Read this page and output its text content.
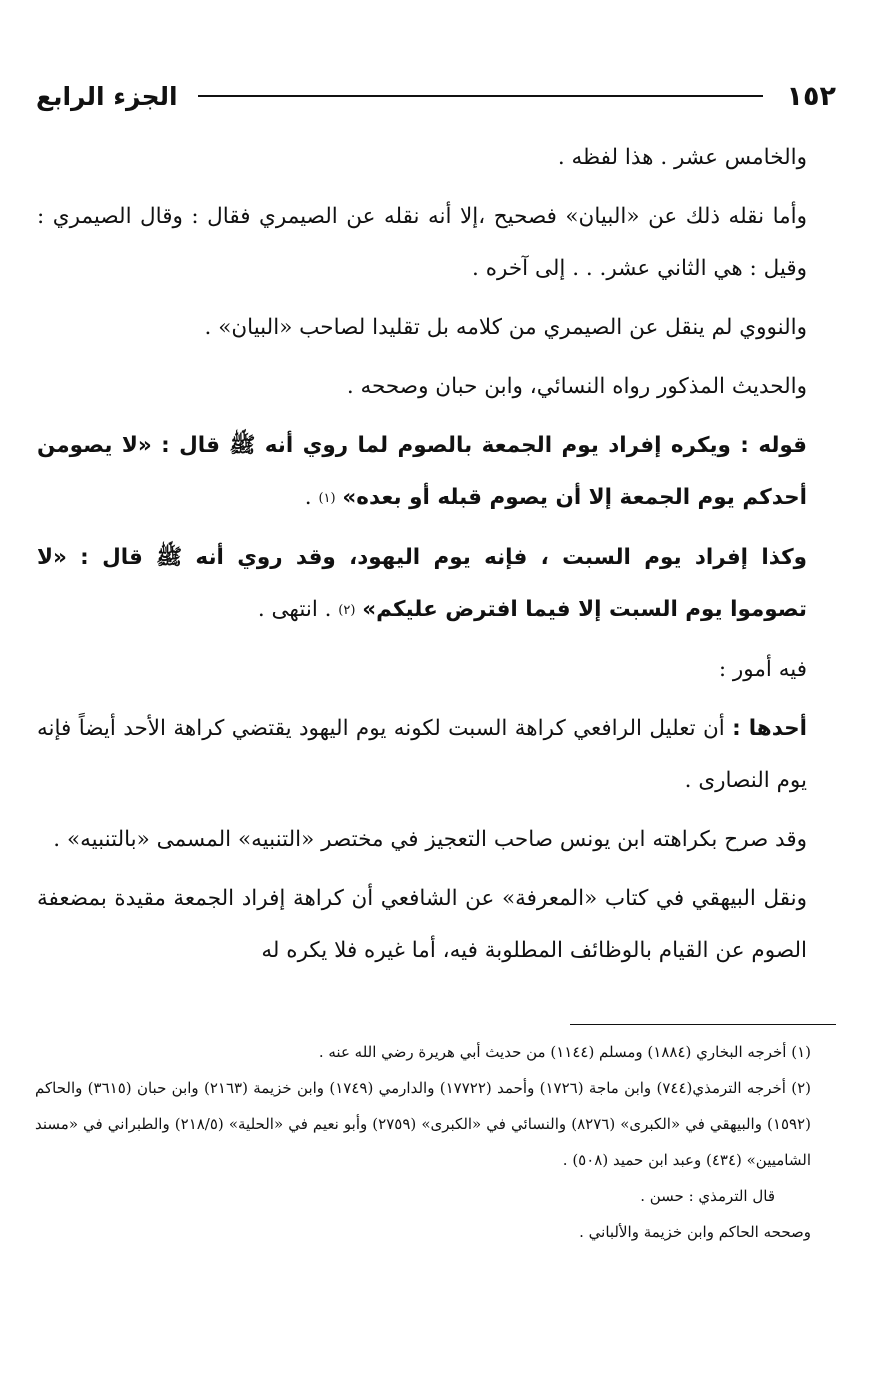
١٥٢
الجزء الرابع

والخامس عشر . هذا لفظه .

وأما نقله ذلك عن «البيان» فصحيح ،إلا أنه نقله عن الصيمري فقال : وقال الصيمري : وقيل : هي الثاني عشر. . . إلى آخره .

والنووي لم ينقل عن الصيمري من كلامه بل تقليدا لصاحب «البيان» .

والحديث المذكور رواه النسائي، وابن حبان وصححه .

قوله : ويكره إفراد يوم الجمعة بالصوم لما روي أنه ﷺ قال : «لا يصومن أحدكم يوم الجمعة إلا أن يصوم قبله أو بعده» (١) .

وكذا إفراد يوم السبت ، فإنه يوم اليهود، وقد روي أنه ﷺ قال : «لا تصوموا يوم السبت إلا فيما افترض عليكم» (٢) . انتهى .

فيه أمور :

أحدها : أن تعليل الرافعي كراهة السبت لكونه يوم اليهود يقتضي كراهة الأحد أيضاً فإنه يوم النصارى .

وقد صرح بكراهته ابن يونس صاحب التعجيز في مختصر «التنبيه» المسمى «بالتنبيه» .

ونقل البيهقي في كتاب «المعرفة» عن الشافعي أن كراهة إفراد الجمعة مقيدة بمضعفة الصوم عن القيام بالوظائف المطلوبة فيه، أما غيره فلا يكره له

(١) أخرجه البخاري (١٨٨٤) ومسلم (١١٤٤) من حديث أبي هريرة رضي الله عنه .

(٢) أخرجه الترمذي(٧٤٤) وابن ماجة (١٧٢٦) وأحمد (١٧٧٢٢) والدارمي (١٧٤٩) وابن خزيمة (٢١٦٣) وابن حبان (٣٦١٥) والحاكم (١٥٩٢) والبيهقي في «الكبرى» (٨٢٧٦) والنسائي في «الكبرى» (٢٧٥٩) وأبو نعيم في «الحلية» (٢١٨/٥) والطبراني في «مسند الشاميين» (٤٣٤) وعبد ابن حميد (٥٠٨) .

قال الترمذي : حسن .

وصححه الحاكم وابن خزيمة والألباني .
